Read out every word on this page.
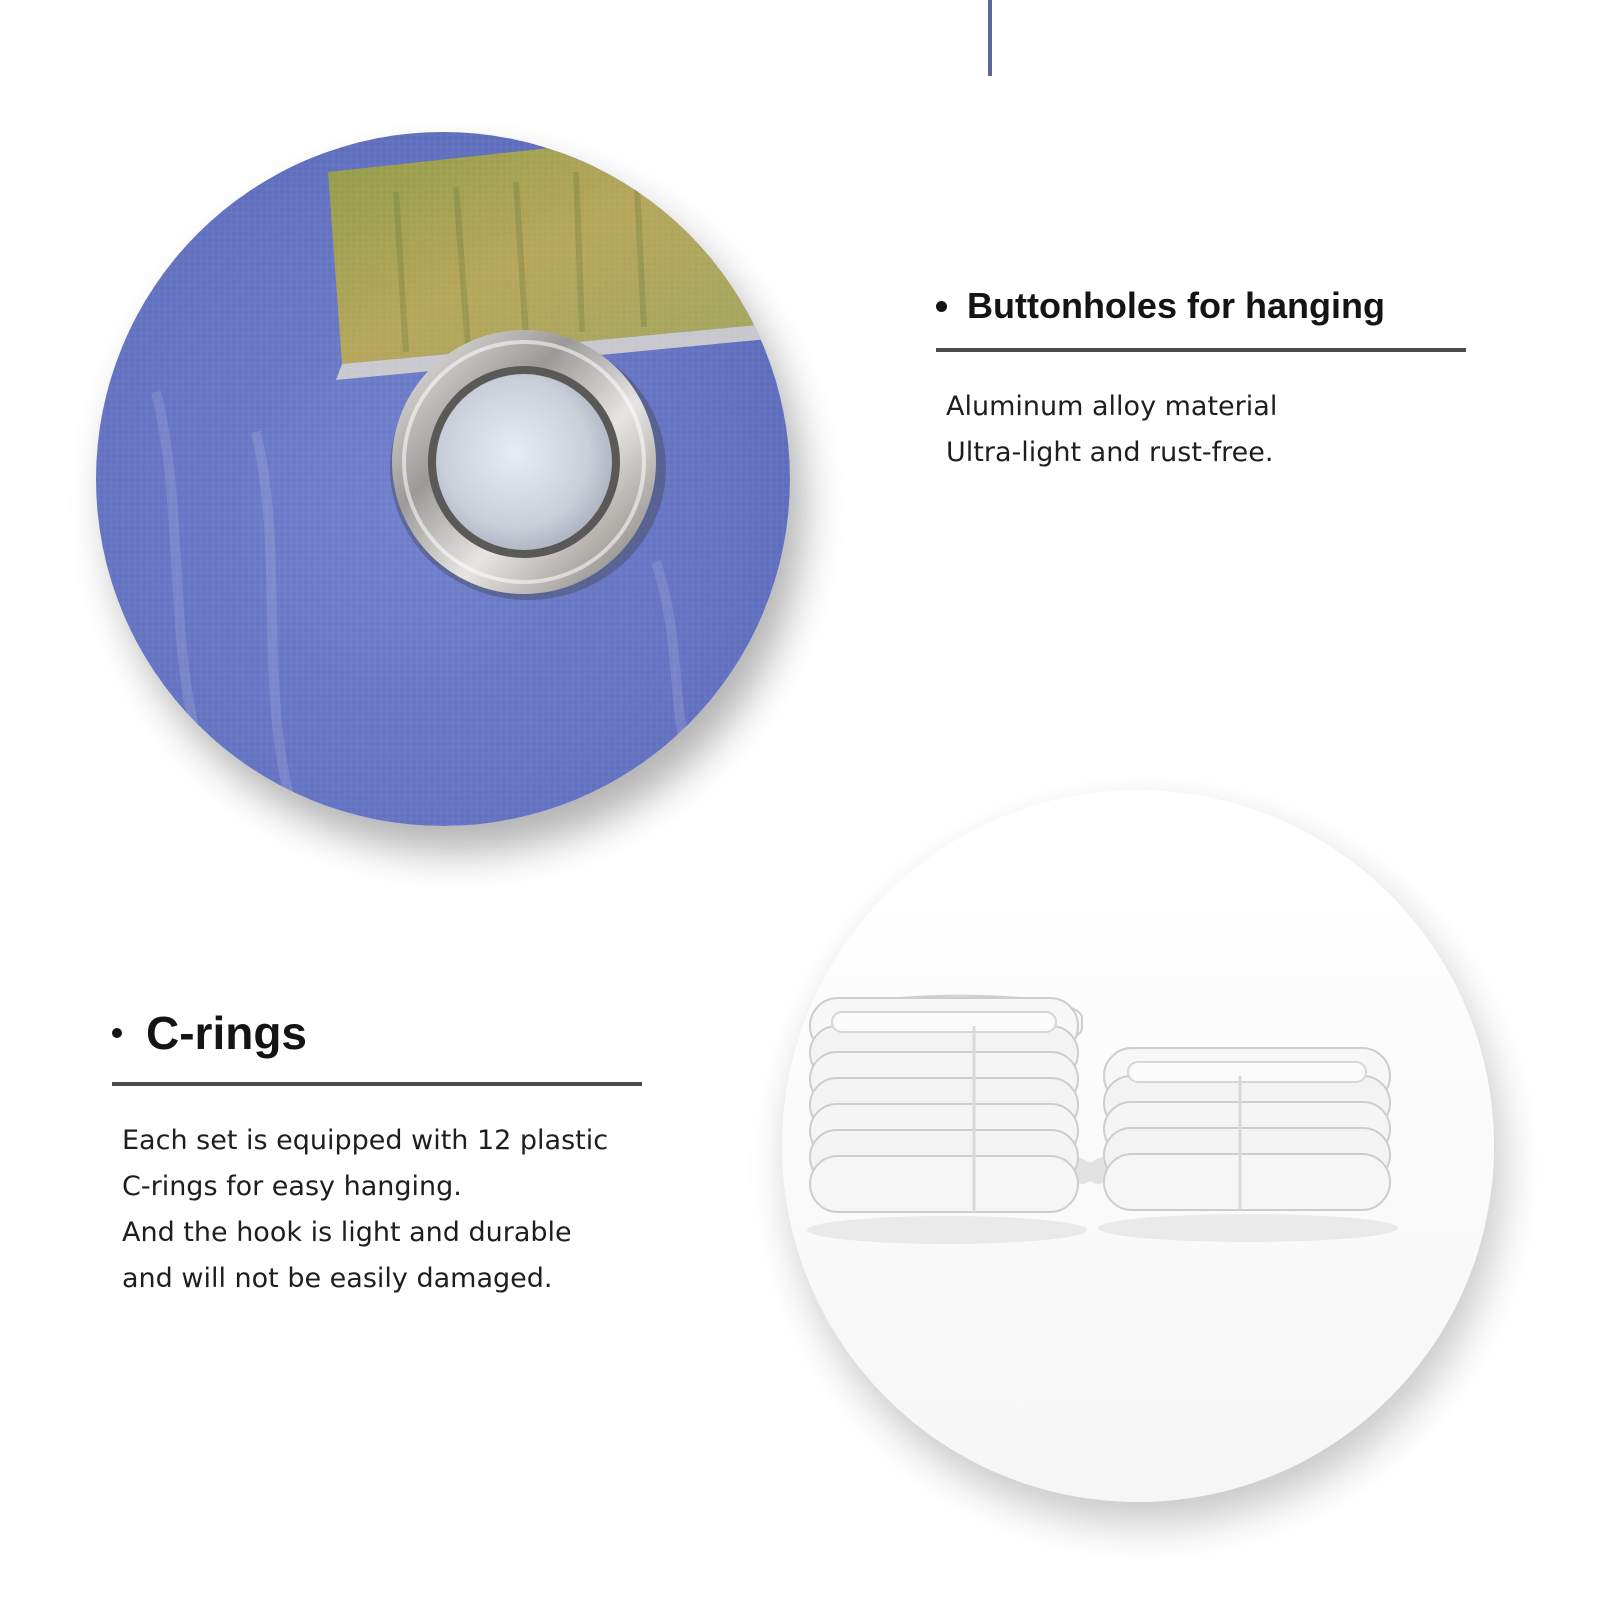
Buttonholes for hanging
Aluminum alloy material
Ultra-light and rust-free.
C-rings
Each set is equipped with 12 plastic
C-rings for easy hanging.
And the hook is light and durable
and will not be easily damaged.
